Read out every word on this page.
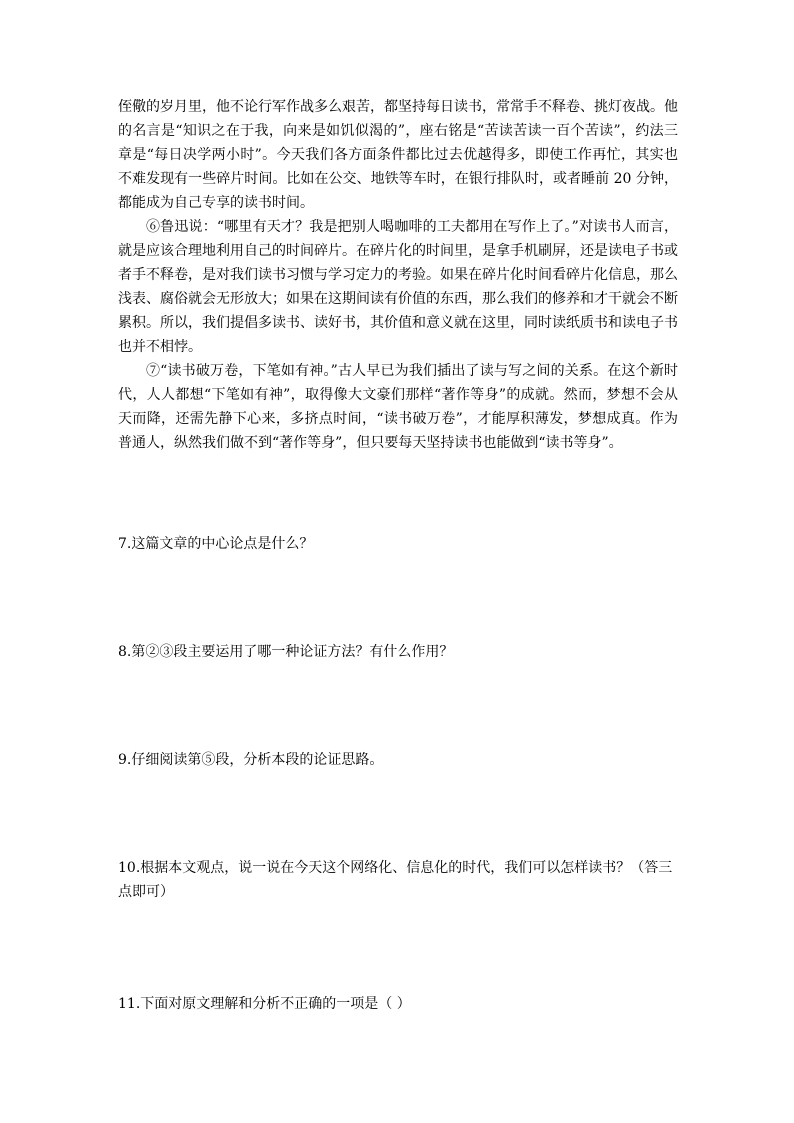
侄儆的岁月里，他不论行军作战多么艰苦，都坚持每日读书，常常手不释卷、挑灯夜战。他的名言是“知识之在于我，向来是如饥似渴的”，座右铭是“苦读苦读一百个苦读”，约法三章是“每日决学两小时”。今天我们各方面条件都比过去优越得多，即使工作再忙，其实也不难发现有一些碎片时间。比如在公交、地铁等车时，在银行排队时，或者睡前 20 分钟，都能成为自己专享的读书时间。

⑥鲁迅说：“哪里有天才？我是把别人喝咖啡的工夫都用在写作上了。”对读书人而言，就是应该合理地利用自己的时间碎片。在碎片化的时间里，是拿手机刷屏，还是读电子书或者手不释卷，是对我们读书习惯与学习定力的考验。如果在碎片化时间看碎片化信息，那么浅表、腐俗就会无形放大；如果在这期间读有价值的东西，那么我们的修养和才干就会不断累积。所以，我们提倡多读书、读好书，其价值和意义就在这里，同时读纸质书和读电子书也并不相悖。

⑦“读书破万卷，下笔如有神。”古人早已为我们插出了读与写之间的关系。在这个新时代，人人都想“下笔如有神”，取得像大文豪们那样“著作等身”的成就。然而，梦想不会从天而降，还需先静下心来，多挤点时间，“读书破万卷”，才能厚积薄发，梦想成真。作为普通人，纵然我们做不到“著作等身”，但只要每天坚持读书也能做到“读书等身”。

7.这篇文章的中心论点是什么？

8.第②③段主要运用了哪一种论证方法？有什么作用？

9.仔细阅读第⑤段，分析本段的论证思路。

10.根据本文观点，说一说在今天这个网络化、信息化的时代，我们可以怎样读书？（答三点即可）

11.下面对原文理解和分析不正确的一项是（ ）
